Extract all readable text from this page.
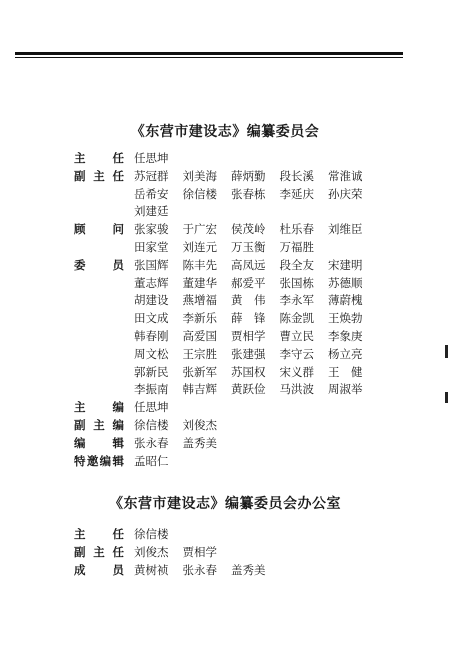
《东营市建设志》编纂委员会
主 任 任思坤
副 主 任 苏冠群 刘美海 薛炳勤 段长溪 常淮诚
岳希安 徐信楼 张春栋 李延庆 孙庆荣
刘建廷
顾 问 张家骏 于广宏 侯茂岭 杜乐春 刘维臣
田家堂 刘连元 万玉衡 万福胜
委 员 张国辉 陈丰先 高凤远 段全友 宋建明
董志辉 董建华 郝爱平 张国栋 苏德顺
胡建设 燕增福 黄　伟 李永军 薄蔚槐
田文成 李新乐 薛　锋 陈金凯 王焕勃
韩春刚 高爱国 贾相学 曹立民 李象庚
周文松 王宗胜 张建强 李守云 杨立亮
郭新民 张新军 苏国权 宋义群 王　健
李振南 韩吉辉 黄跃俭 马洪波 周淑举
主 编 任思坤
副 主 编 徐信楼 刘俊杰
编 辑 张永春 盖秀美
特 邀 编 辑 孟昭仁
《东营市建设志》编纂委员会办公室
主 任 徐信楼
副 主 任 刘俊杰 贾相学
成 员 黄树祯 张永春 盖秀美
